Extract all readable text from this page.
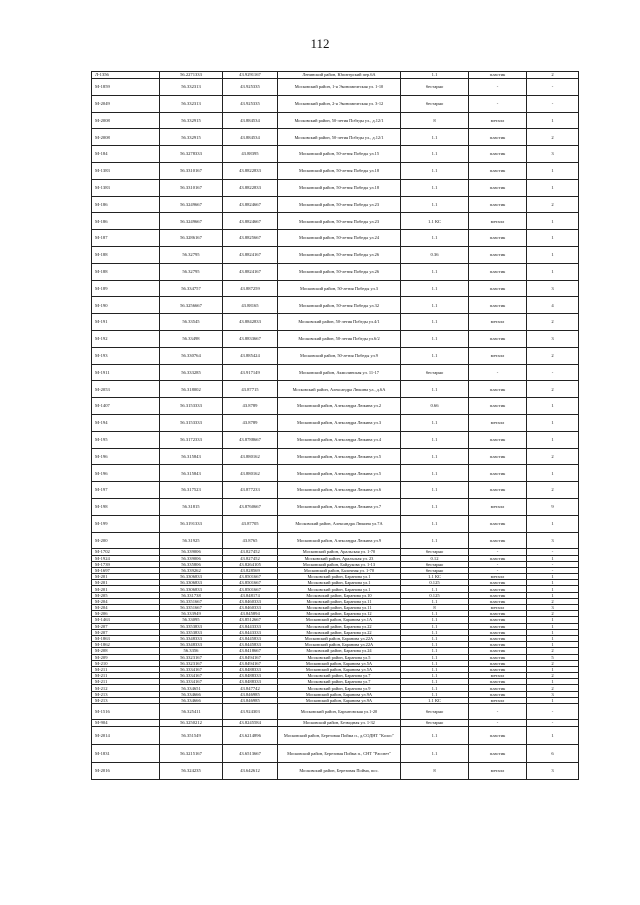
112
Л-1356	56.2271333	43.9291167	Ленинский район, Юпитерский пер.6А	1.1	пластик	2
М-1859	56.332313	43.925335	Московский район, 1-я Экономическая ул. 1-10	бестарно	-	-
М-2049	56.332313	43.925335	Московский район, 2-я Экономическая ул. 3-12	бестарно	-	-
М-2008	56.332915	43.884534	Московский район, 50-летия Победы ул., д.12/1	8	металл	1
М-2008	56.332915	43.884534	Московский район, 50-летия Победы ул., д.12/1	1.1	пластик	2
М-184	56.3278333	43.88395	Московский район, 50-летия Победы ул.15	1.1	пластик	3
М-1383	56.3310167	43.8822833	Московский район, 50-летия Победы ул.18	1.1	пластик	1
М-1383	56.3310167	43.8822833	Московский район, 50-летия Победы ул.18	1.1	пластик	1
М-186	56.3249667	43.8824667	Московский район, 50-летия Победы ул.23	1.1	пластик	2
М-186	56.3249667	43.8824667	Московский район, 50-летия Победы ул.23	1.1 КС	металл	1
М-187	56.3286167	43.8825667	Московский район, 50-летия Победы ул.24	1.1	пластик	1
М-188	56.32795	43.8824167	Московский район, 50-летия Победы ул.26	0.36	пластик	1
М-188	56.32795	43.8824167	Московский район, 50-летия Победы ул.26	1.1	пластик	1
М-189	56.334757	43.887259	Московский район, 50-летия Победы ул.3	1.1	пластик	3
М-190	56.3256667	43.88165	Московский район, 50-летия Победы ул.32	1.1	пластик	4
М-191	56.33545	43.8842833	Московский район, 50-летия Победы ул.4/1	1.1	металл	2
М-192	56.33498	43.8833667	Московский район, 50-летия Победы ул.6/2	1.1	пластик	3
М-193	56.330764	43.885424	Московский район, 50-летия Победы ул.9	1.1	металл	2
М-1911	56.333285	43.917149	Московский район, Акмолинская ул. 11-17	бестарно	-	-
М-2053	56.318002	43.87715	Московский район, Александра Люкина ул., д.6А	1.1	пластик	2
М-1407	56.3153333	43.8789	Московский район, Александра Люкина ул.2	0.66	пластик	1
М-194	56.3153333	43.8789	Московский район, Александра Люкина ул.3	1.1	металл	1
М-195	56.3172333	43.8788667	Московский район, Александра Люкина ул.4	1.1	пластик	1
М-196	56.315843	43.880162	Московский район, Александра Люкина ул.5	1.1	пластик	2
М-196	56.315843	43.880162	Московский район, Александра Люкина ул.5	1.1	пластик	1
М-197	56.317523	43.877233	Московский район, Александра Люкина ул.6	1.1	пластик	2
М-198	56.31815	43.8760667	Московский район, Александра Люкина ул.7	1.1	металл	9
М-199	56.3191333	43.87705	Московский район, Александра Люкина ул.7А	1.1	пластик	1
М-200	56.31925	43.8765	Московский район, Александра Люкина ул.9	1.1	пластик	3
М-1702	56.339006	43.827452	Московский район, Аральская ул. 1-70	бестарно	-	-
М-1924	56.339006	43.827452	Московский район, Аральская ул. 23	0.12	пластик	1
М-1739	56.335806	43.8264105	Московский район, Байдукова ул. 1-13	бестарно	-	-
М-1697	56.339262	43.828569	Московский район, Балочная ул. 1-70	бестарно	-	-
М-201	56.3306833	43.8501667	Московский район, Баранова ул.1	1.1 КС	металл	1
М-201	56.3306833	43.8501667	Московский район, Баранова ул.1	0.125	пластик	1
М-201	56.3306833	43.8501667	Московский район, Баранова ул.1	1.1	пластик	1
М-205	56.331738	43.848174	Московский район, Баранова ул.10	0.125	пластик	1
М-204	56.3351667	43.8460333	Московский район, Баранова ул.11	1.1	пластик	2
М-204	56.3351667	43.8460333	Московский район, Баранова ул.11	8	металл	3
М-206	56.333949	43.845894	Московский район, Баранова ул.12	1.1	пластик	2
М-1463	56.33095	43.8512667	Московский район, Баранова ул.1А	1.1	пластик	1
М-207	56.3353833	43.8443333	Московский район, Баранова ул.22	1.1	пластик	1
М-207	56.3353833	43.8443333	Московский район, Баранова ул.22	1.1	пластик	1
М-1863	56.3348333	43.8445833	Московский район, Баранова ул.22А	1.1	пластик	1
М-1862	56.3348333	43.8445833	Московский район, Баранова ул.22А	1.1	пластик	1
М-208	56.3356	43.8418667	Московский район, Баранова ул.24	1.1	пластик	2
М-209	56.3323167	43.8494167	Московский район, Баранова ул.5	1.1	пластик	5
М-210	56.3323167	43.8494167	Московский район, Баранова ул.5А	1.1	пластик	2
М-211	56.3334167	43.8488333	Московский район, Баранова ул.5А	1.1	пластик	1
М-211	56.3334167	43.8488333	Московский район, Баранова ул.7	1.1	металл	2
М-211	56.3334167	43.8488333	Московский район, Баранова ул.7	1.1	пластик	1
М-212	56.334651	43.847742	Московский район, Баранова ул.9	1.1	пластик	2
М-213	56.334666	43.846985	Московский район, Баранова ул.9А	1.1	пластик	3
М-213	56.334666	43.846985	Московский район, Баранова ул.9А	1.1 КС	металл	1
М-1516	56.325411	43.924303	Московский район, Бархатовская ул.1-20	бестарно	-	-
М-904	56.3250212	43.8245584	Московский район, Безводная ул. 1-32	бестарно	-	-
М-2014	56.351549	43.6214896	Московский район, Березовая Пойма п., д.СОДНТ "Колос"	1.1	пластик	1
М-1831	56.3215167	43.6513667	Московский район, Березовая Пойма п., СНТ "Рассвет"	1.1	пластик	6
М-2016	56.324235	43.642612	Московский район, Березовая Пойма, пос.	8	металл	3
